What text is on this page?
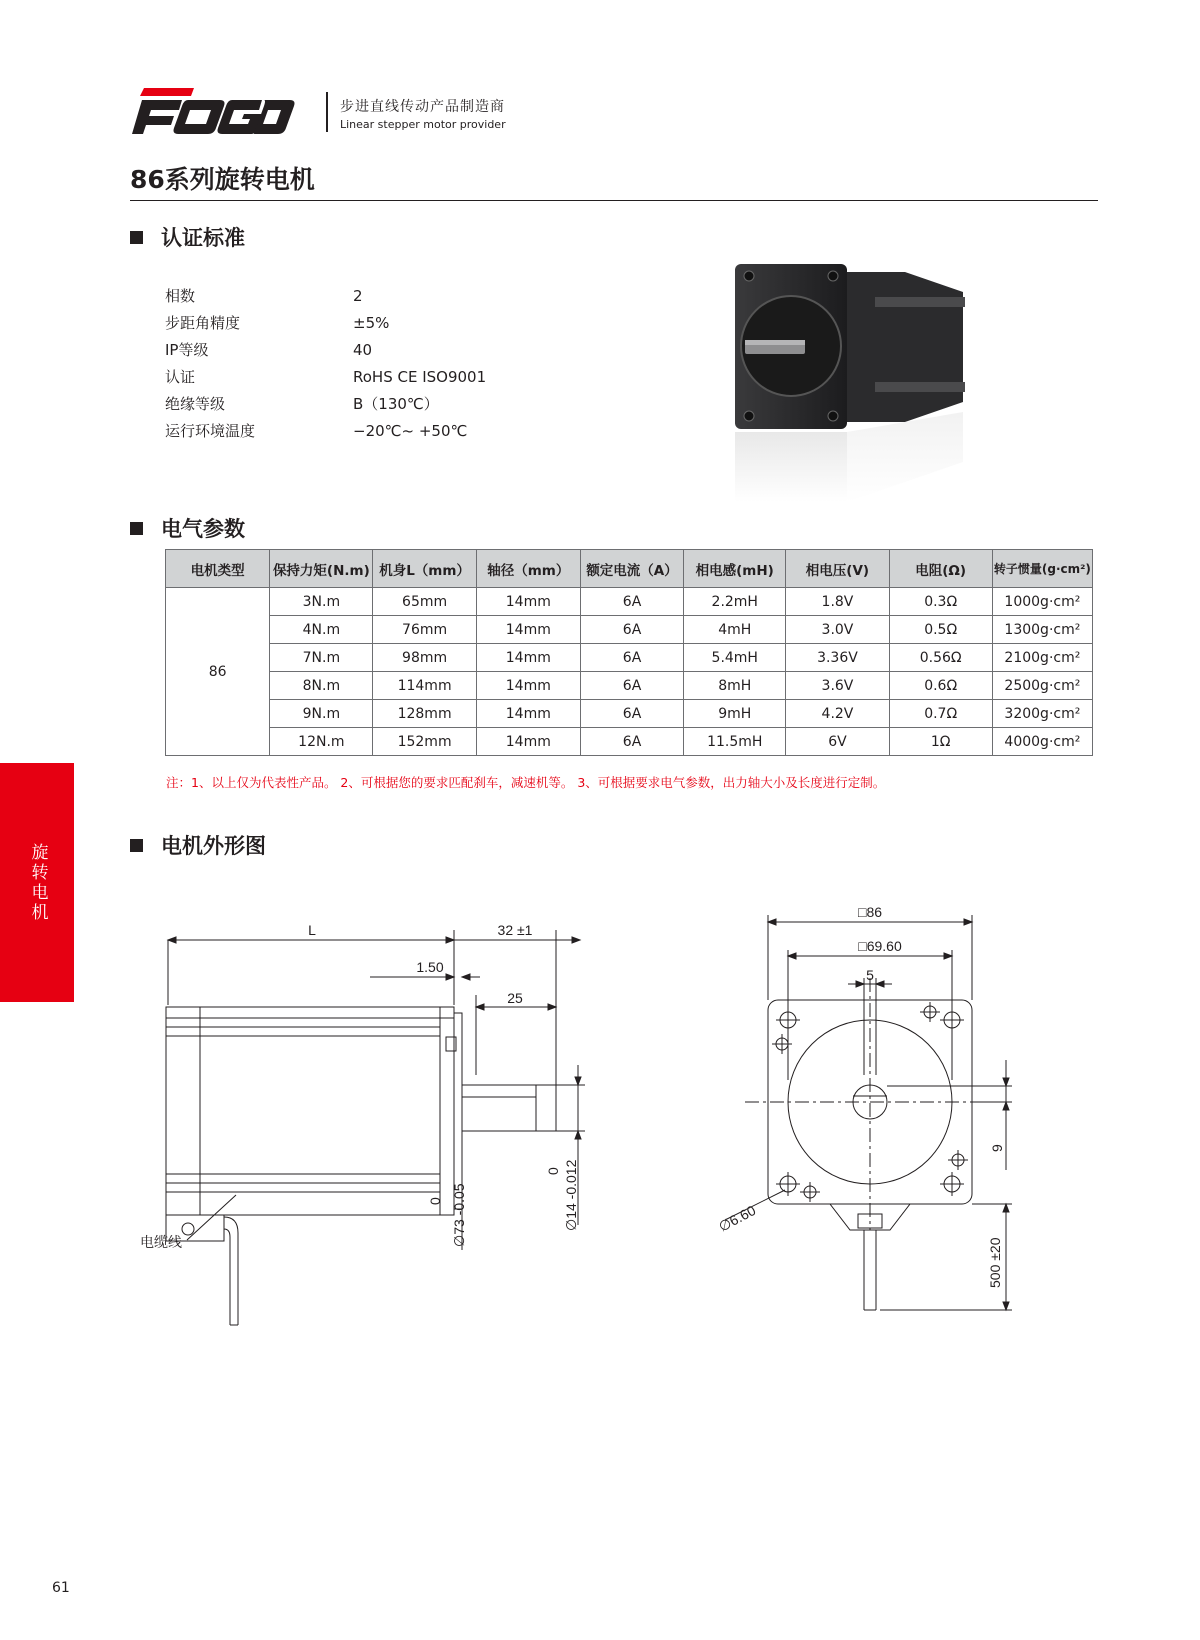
步进直线传动产品制造商
Linear stepper motor provider
86系列旋转电机
认证标准
相数	2
步距角精度	±5%
IP等级	40
认证	RoHS CE ISO9001
绝缘等级	B（130℃）
运行环境温度	−20℃~ +50℃
电气参数
电机类型	保持力矩(N.m)	机身L（mm）	轴径（mm）	额定电流（A）	相电感(mH)	相电压(V)	电阻(Ω)	转子惯量(g·cm²)
86	3N.m	65mm	14mm	6A	2.2mH	1.8V	0.3Ω	1000g·cm²
	4N.m	76mm	14mm	6A	4mH	3.0V	0.5Ω	1300g·cm²
	7N.m	98mm	14mm	6A	5.4mH	3.36V	0.56Ω	2100g·cm²
	8N.m	114mm	14mm	6A	8mH	3.6V	0.6Ω	2500g·cm²
	9N.m	128mm	14mm	6A	9mH	4.2V	0.7Ω	3200g·cm²
	12N.m	152mm	14mm	6A	11.5mH	6V	1Ω	4000g·cm²
注：1、以上仅为代表性产品。 2、可根据您的要求匹配刹车，减速机等。 3、可根据要求电气参数，出力轴大小及长度进行定制。
旋转电机
电机外形图
L	32 ±1
1.50
25
0 ∅14 -0.012
0 ∅73 -0.05
电缆线
□86
□69.60
5
9
∅6.60
500 ±20
61
